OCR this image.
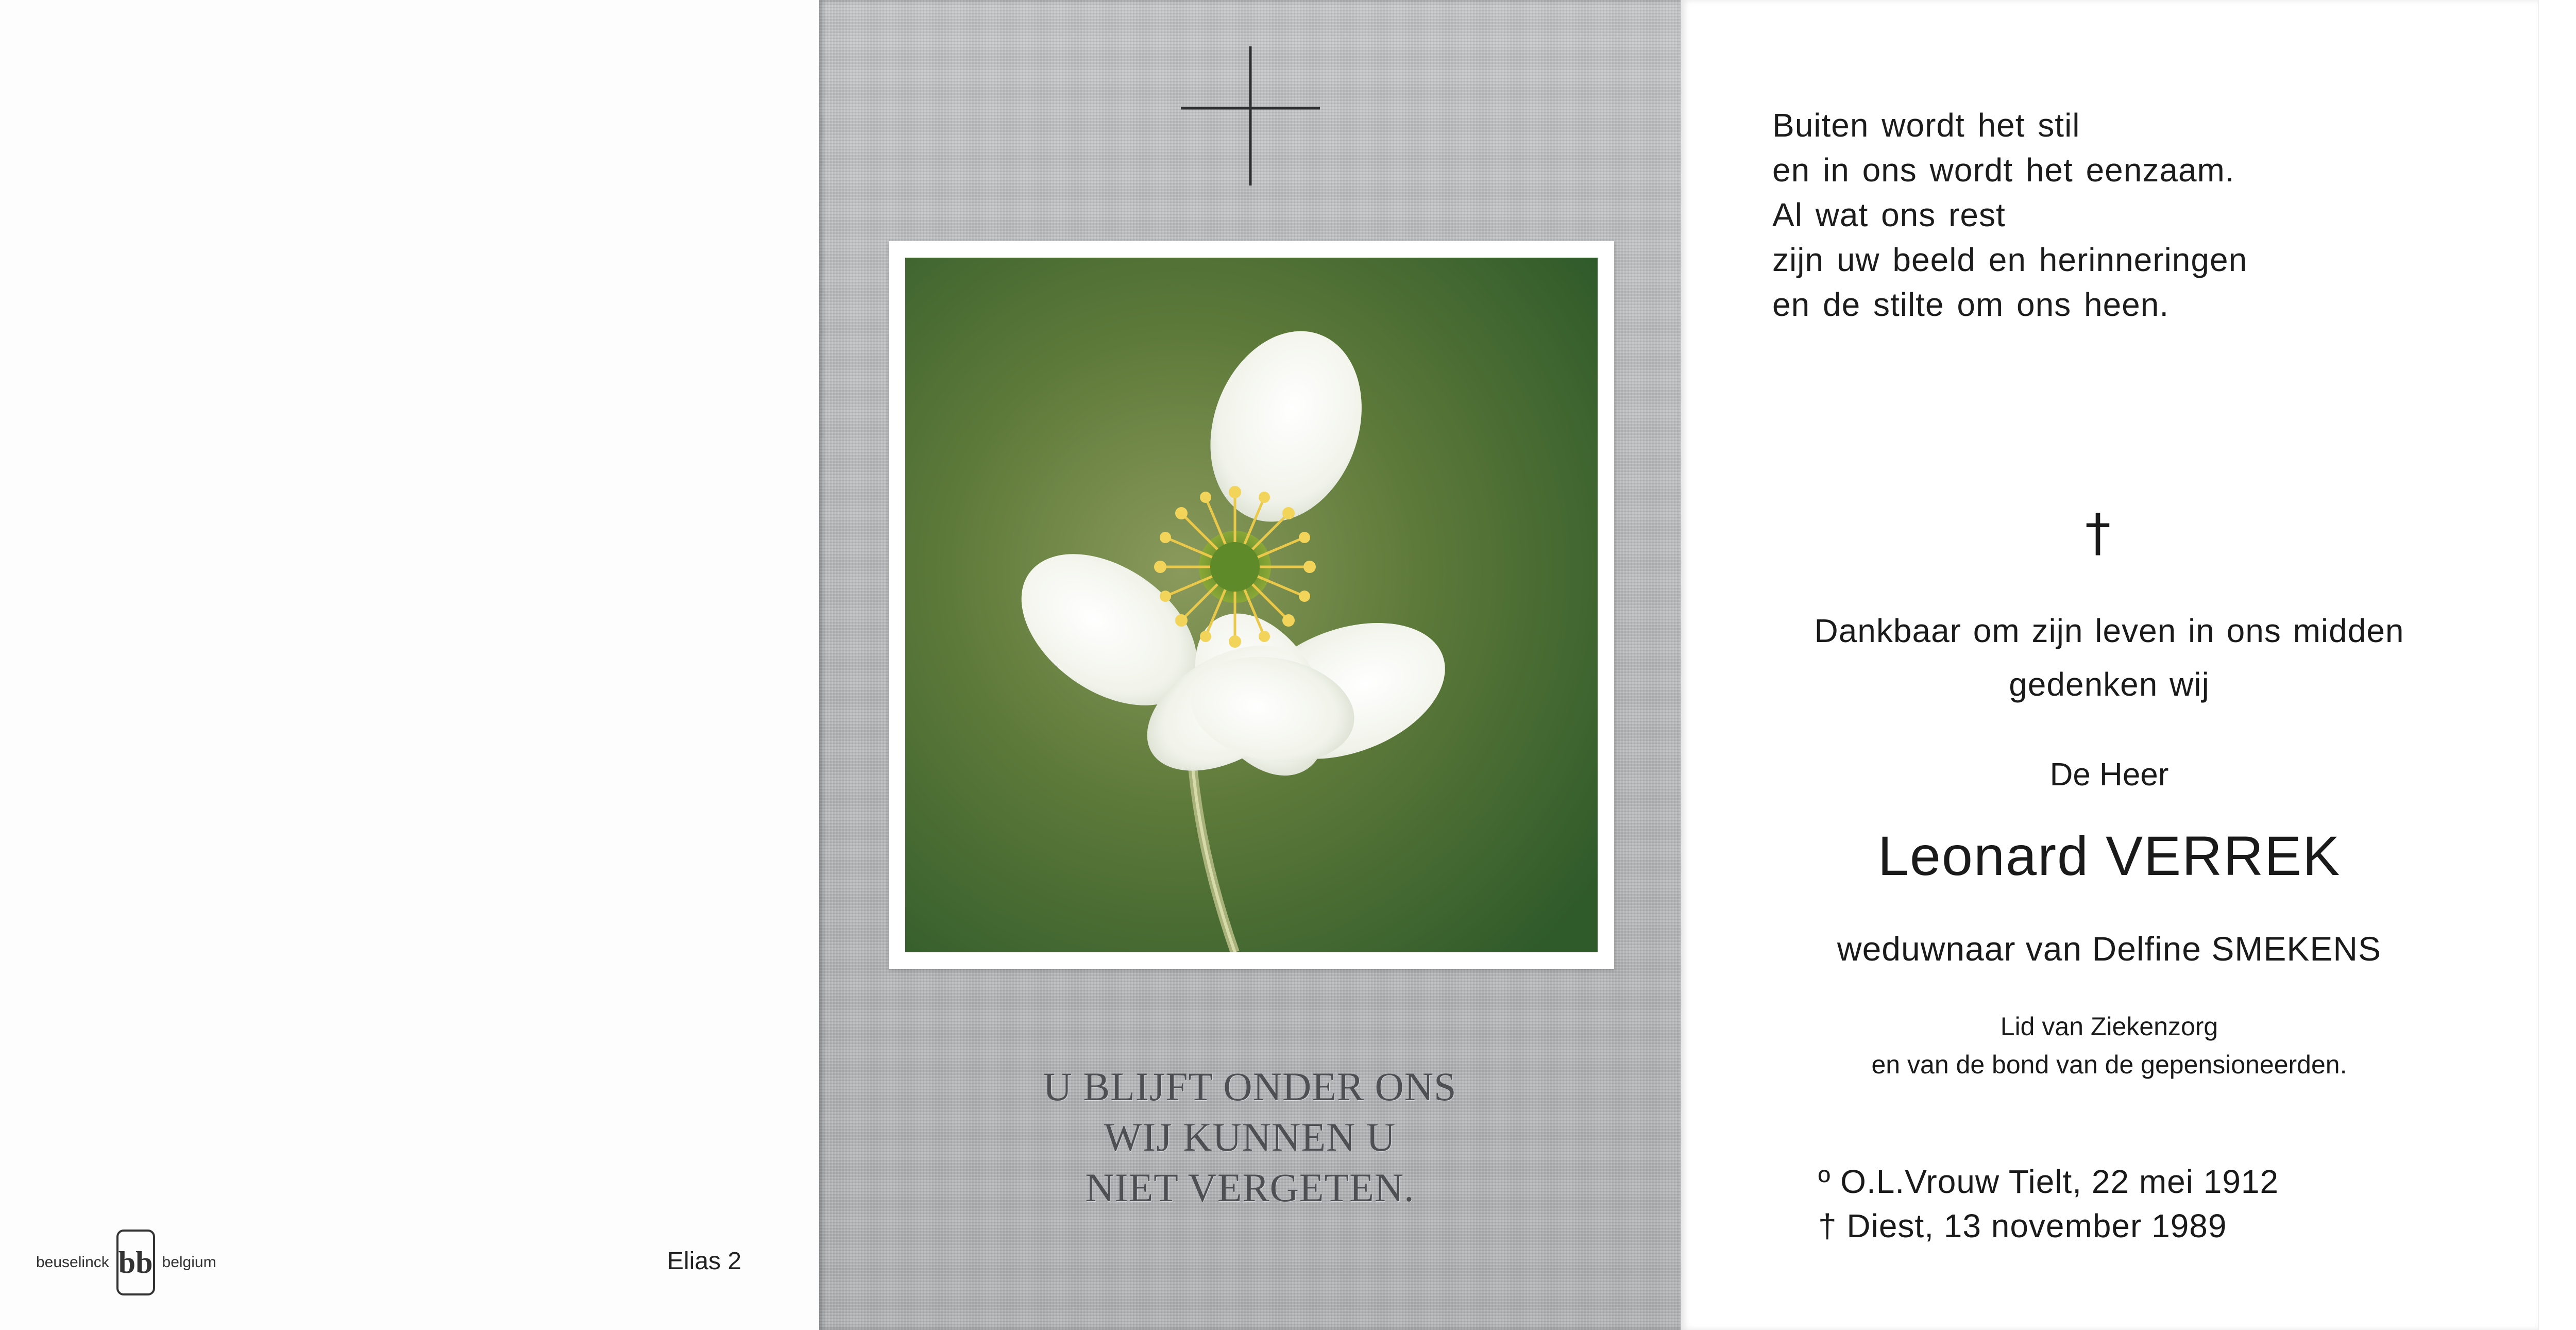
beuselinck bb belgium	Elias 2
U BLIJFT ONDER ONS
WIJ KUNNEN U
NIET VERGETEN.
Buiten wordt het stil
en in ons wordt het eenzaam.
Al wat ons rest
zijn uw beeld en herinneringen
en de stilte om ons heen.
†
Dankbaar om zijn leven in ons midden
gedenken wij
De Heer
Leonard VERREK
weduwnaar van Delfine SMEKENS
Lid van Ziekenzorg
en van de bond van de gepensioneerden.
º O.L.Vrouw Tielt, 22 mei 1912
† Diest, 13 november 1989
